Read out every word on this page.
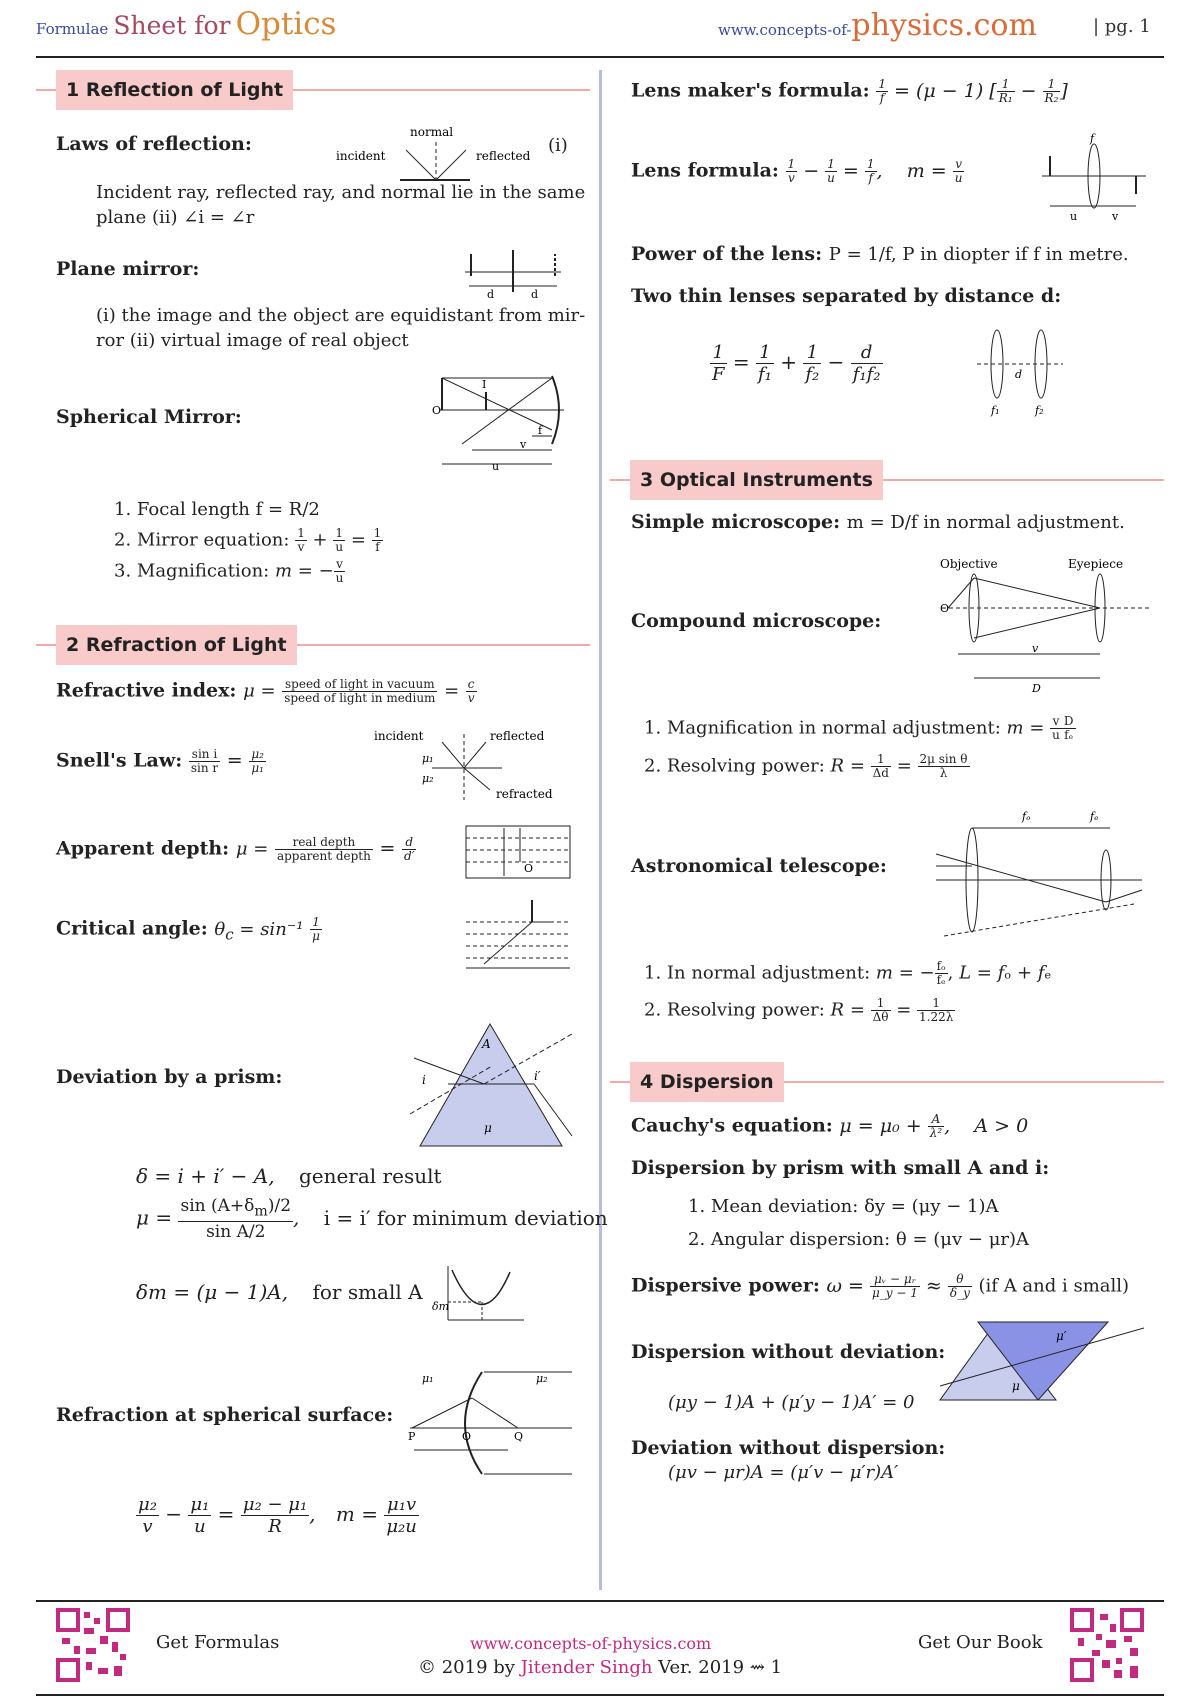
Formulae Sheet for Optics	www.concepts-of-physics.com	| pg. 1
1 Reflection of Light
Laws of reflection:
normal
incident	reflected (i)
Incident ray, reflected ray, and normal lie in the same
plane (ii) ∠i = ∠r
Plane mirror:
d	d
(i) the image and the object are equidistant from mir-
ror (ii) virtual image of real object
Spherical Mirror:	O
I
v
u
f
1. Focal length f = R/2
2. Mirror equation: $\frac{1}{v} + \frac{1}{u} = \frac{1}{f}$
3. Magnification: m = − $\frac{v}{u}$
2 Refraction of Light
Refractive index: $\mu = \frac{\text{speed of light in vacuum}}{\text{speed of light in medium}} = \frac{c}{v}$
Snell's Law: $\frac{\text{sin i}}{\text{sin r}} = \frac{\text{μ₂}}{\text{μ₁}}$
incident	reflected
refracted
μ₁
μ₂
Apparent depth: $\mu = \frac{\text{real depth}}{\text{apparent depth}} = \frac{d}{d'}$
O
Critical angle: $\theta_c = \sin^{-1} \frac{1}{\mu}$
Deviation by a prism:
A
μ
i	i′
δ = i + i′ − A, general result
$\mu = \frac{\sin (A+\delta_m)/2}{\text{sin A/2}}$ , i = i′ for minimum deviation
δm = (μ − 1)A, for small A
δm
Refraction at spherical surface:
μ₁	μ₂
P	O	Q
$\frac{\text{μ₂}}{v} - \frac{\text{μ₁}}{u} = \frac{\text{μ₂ − μ₁}}{R}$ , $m = \frac{\text{μ₁v}}{\text{μ₂u}}$
Lens maker's formula: $\frac{1}{f} = (\mu - 1)$ [ $\frac{1}{\text{R₁}} - \frac{1}{\text{R₂}}$ ]
Lens formula: $\frac{1}{v} - \frac{1}{u} = \frac{1}{f}$ ,    $m = \frac{v}{u}$
f
u	v
Power of the lens: P = 1/f, P in diopter if f in metre.
Two thin lenses separated by distance d:
$\frac{1}{F} = \frac{1}{\text{f₁}} + \frac{1}{\text{f₂}} - \frac{d}{\text{f₁f₂}}$	d
f₁	f₂
3 Optical Instruments
Simple microscope: m = D/f in normal adjustment.
Compound microscope:
Objective	Eyepiece
O
v
D
1. Magnification in normal adjustment: $m = \frac{v}{u} \frac{D}{\text{fₑ}}$
2. Resolving power: $R = \frac{1}{\Delta d} = \frac{\text{2μ sin θ}}{\lambda}$
Astronomical telescope:
fₒ	fₑ
1. In normal adjustment: m = − $\frac{\text{fₒ}}{\text{fₑ}}$ , L = fₒ + fₑ
2. Resolving power: $R = \frac{1}{\Delta\theta} = \frac{1}{1.22\lambda}$
4 Dispersion
Cauchy's equation: $\mu = \mu_0 + \frac{A}{\text{λ²}}$ ,    A > 0
Dispersion by prism with small A and i:
1. Mean deviation: δy = (μy − 1)A
2. Angular dispersion: θ = (μv − μr)A
Dispersive power: $\omega = \frac{\text{μᵥ − μᵣ}}{\mu\_y - 1} \approx \frac{\theta}{\delta\_y} (if$ A and i small)
Dispersion without deviation:
μ
μ′
(μy − 1)A + (μ′y − 1)A′ = 0
Deviation without dispersion:
(μv − μr)A = (μ′v − μ′r)A′
Get Formulas	www.concepts-of-physics.com
© 2019 by Jitender Singh Ver. 2019 ⇝ 1
Get Our Book
